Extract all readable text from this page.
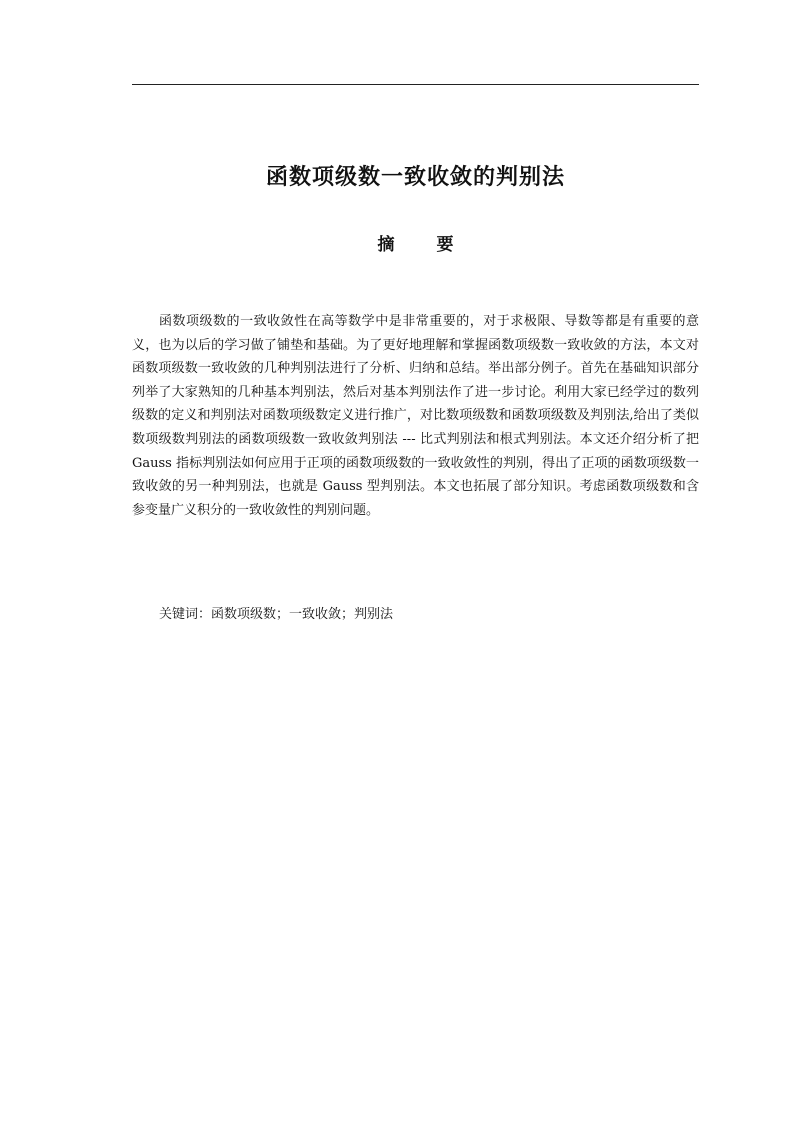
函数项级数一致收敛的判别法
摘 要

函数项级数的一致收敛性在高等数学中是非常重要的，对于求极限、导数等都是有重要的意义，也为以后的学习做了铺垫和基础。为了更好地理解和掌握函数项级数一致收敛的方法，本文对函数项级数一致收敛的几种判别法进行了分析、归纳和总结。举出部分例子。首先在基础知识部分列举了大家熟知的几种基本判别法，然后对基本判别法作了进一步讨论。利用大家已经学过的数列级数的定义和判别法对函数项级数定义进行推广，对比数项级数和函数项级数及判别法,给出了类似数项级数判别法的函数项级数一致收敛判别法 --- 比式判别法和根式判别法。本文还介绍分析了把 Gauss 指标判别法如何应用于正项的函数项级数的一致收敛性的判别，得出了正项的函数项级数一致收敛的另一种判别法，也就是 Gauss 型判别法。本文也拓展了部分知识。考虑函数项级数和含参变量广义积分的一致收敛性的判别问题。

关键词：函数项级数；一致收敛；判别法
